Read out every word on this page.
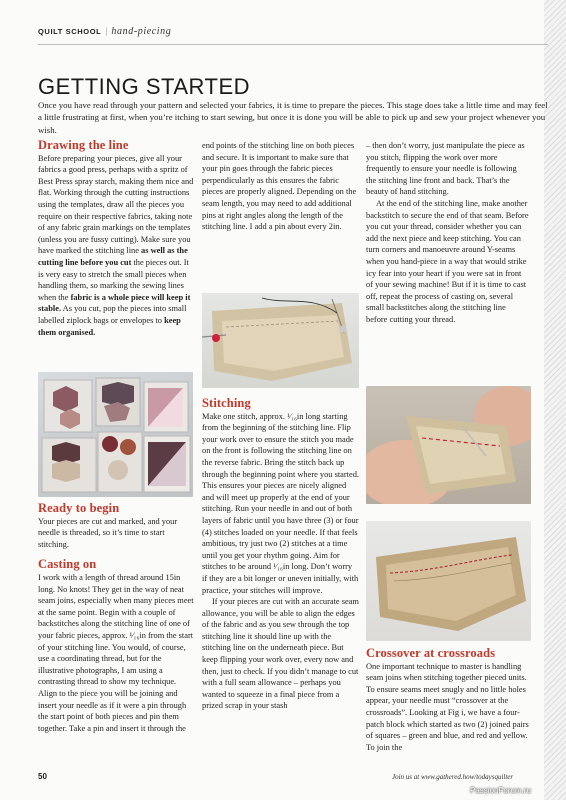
QUILT SCHOOL | hand-piecing
GETTING STARTED

Once you have read through your pattern and selected your fabrics, it is time to prepare the pieces. This stage does take a little time and may feel a little frustrating at first, when you’re itching to start sewing, but once it is done you will be able to pick up and sew your project whenever you wish.

Drawing the line

Before preparing your pieces, give all your fabrics a good press, perhaps with a spritz of Best Press spray starch, making them nice and flat. Working through the cutting instructions using the templates, draw all the pieces you require on their respective fabrics, taking note of any fabric grain markings on the templates (unless you are fussy cutting). Make sure you have marked the stitching line as well as the cutting line before you cut the pieces out. It is very easy to stretch the small pieces when handling them, so marking the sewing lines when the fabric is a whole piece will keep it stable. As you cut, pop the pieces into small labelled ziplock bags or envelopes to keep them organised.

Ready to begin

Your pieces are cut and marked, and your needle is threaded, so it’s time to start stitching.

Casting on

I work with a length of thread around 15in long. No knots! They get in the way of neat seam joins, especially when many pieces meet at the same point. Begin with a couple of backstitches along the stitching line of one of your fabric pieces, approx. ¹⁄₁₆in from the start of your stitching line. You would, of course, use a coordinating thread, but for the illustrative photographs, I am using a contrasting thread to show my technique. Align to the piece you will be joining and insert your needle as if it were a pin through the start point of both pieces and pin them together. Take a pin and insert it through the

end points of the stitching line on both pieces and secure. It is important to make sure that your pin goes through the fabric pieces perpendicularly as this ensures the fabric pieces are properly aligned. Depending on the seam length, you may need to add additional pins at right angles along the length of the stitching line. I add a pin about every 2in.

Stitching

Make one stitch, approx. ¹⁄₁₆in long starting from the beginning of the stitching line. Flip your work over to ensure the stitch you made on the front is following the stitching line on the reverse fabric. Bring the stitch back up through the beginning point where you started. This ensures your pieces are nicely aligned and will meet up properly at the end of your stitching. Run your needle in and out of both layers of fabric until you have three (3) or four (4) stitches loaded on your needle. If that feels ambitious, try just two (2) stitches at a time until you get your rhythm going. Aim for stitches to be around ¹⁄₁₆in long. Don’t worry if they are a bit longer or uneven initially, with practice, your stitches will improve.

If your pieces are cut with an accurate seam allowance, you will be able to align the edges of the fabric and as you sew through the top stitching line it should line up with the stitching line on the underneath piece. But keep flipping your work over, every now and then, just to check. If you didn’t manage to cut with a full seam allowance – perhaps you wanted to squeeze in a final piece from a prized scrap in your stash

– then don’t worry, just manipulate the piece as you stitch, flipping the work over more frequently to ensure your needle is following the stitching line front and back. That’s the beauty of hand stitching.

At the end of the stitching line, make another backstitch to secure the end of that seam. Before you cut your thread, consider whether you can add the next piece and keep stitching. You can turn corners and manoeuvre around Y-seams when you hand-piece in a way that would strike icy fear into your heart if you were sat in front of your sewing machine! But if it is time to cast off, repeat the process of casting on, several small backstitches along the stitching line before cutting your thread.

Crossover at crossroads

One important technique to master is handling seam joins when stitching together pieced units. To ensure seams meet snugly and no little holes appear, your needle must “crossover at the crossroads”. Looking at Fig i, we have a four-patch block which started as two (2) joined pairs of squares – green and blue, and red and yellow. To join the

50	Join us at www.gathered.how/todaysquilter
PassionForum.ru
